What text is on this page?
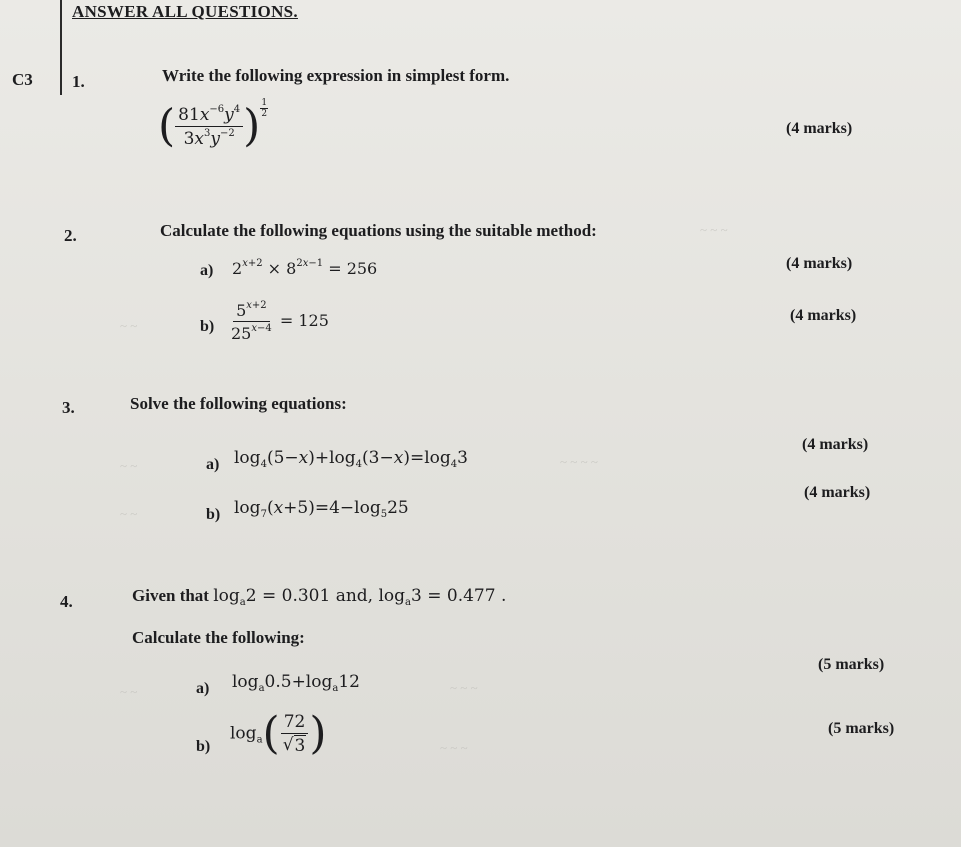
ANSWER ALL QUESTIONS.
C3 1.	Write the following expression in simplest form.
( $\frac{81x^{-6}y^4}{3x^3y^{-2}}$ ) $\frac{1}{2}$
(4 marks)
2.	Calculate the following equations using the suitable method:
a) $2^{x+2} \times 8^{2x-1} = 256$	(4 marks)
$b) \frac{5^{x+2}}{25^{x-4}} = 125$	(4 marks)
3.	Solve the following equations:
a) $\log_4(5-x)+\log_4(3-x)=\log_43$
(4 marks)
b) $\log_7(x+5)=4-\log_525$
(4 marks)
4.	Given that $\log_a2 = 0.301$ and, $\log_a3 = 0.477$ .
Calculate the following:
a) $\log_a0.5+\log_a12$
(5 marks)
b)
$\log_a( \frac{72}{√ 3}$ )	(5 marks)
~ ~ ~
~ ~
~ ~	~ ~ ~ ~
~ ~
~ ~ ~
~ ~
~ ~ ~
